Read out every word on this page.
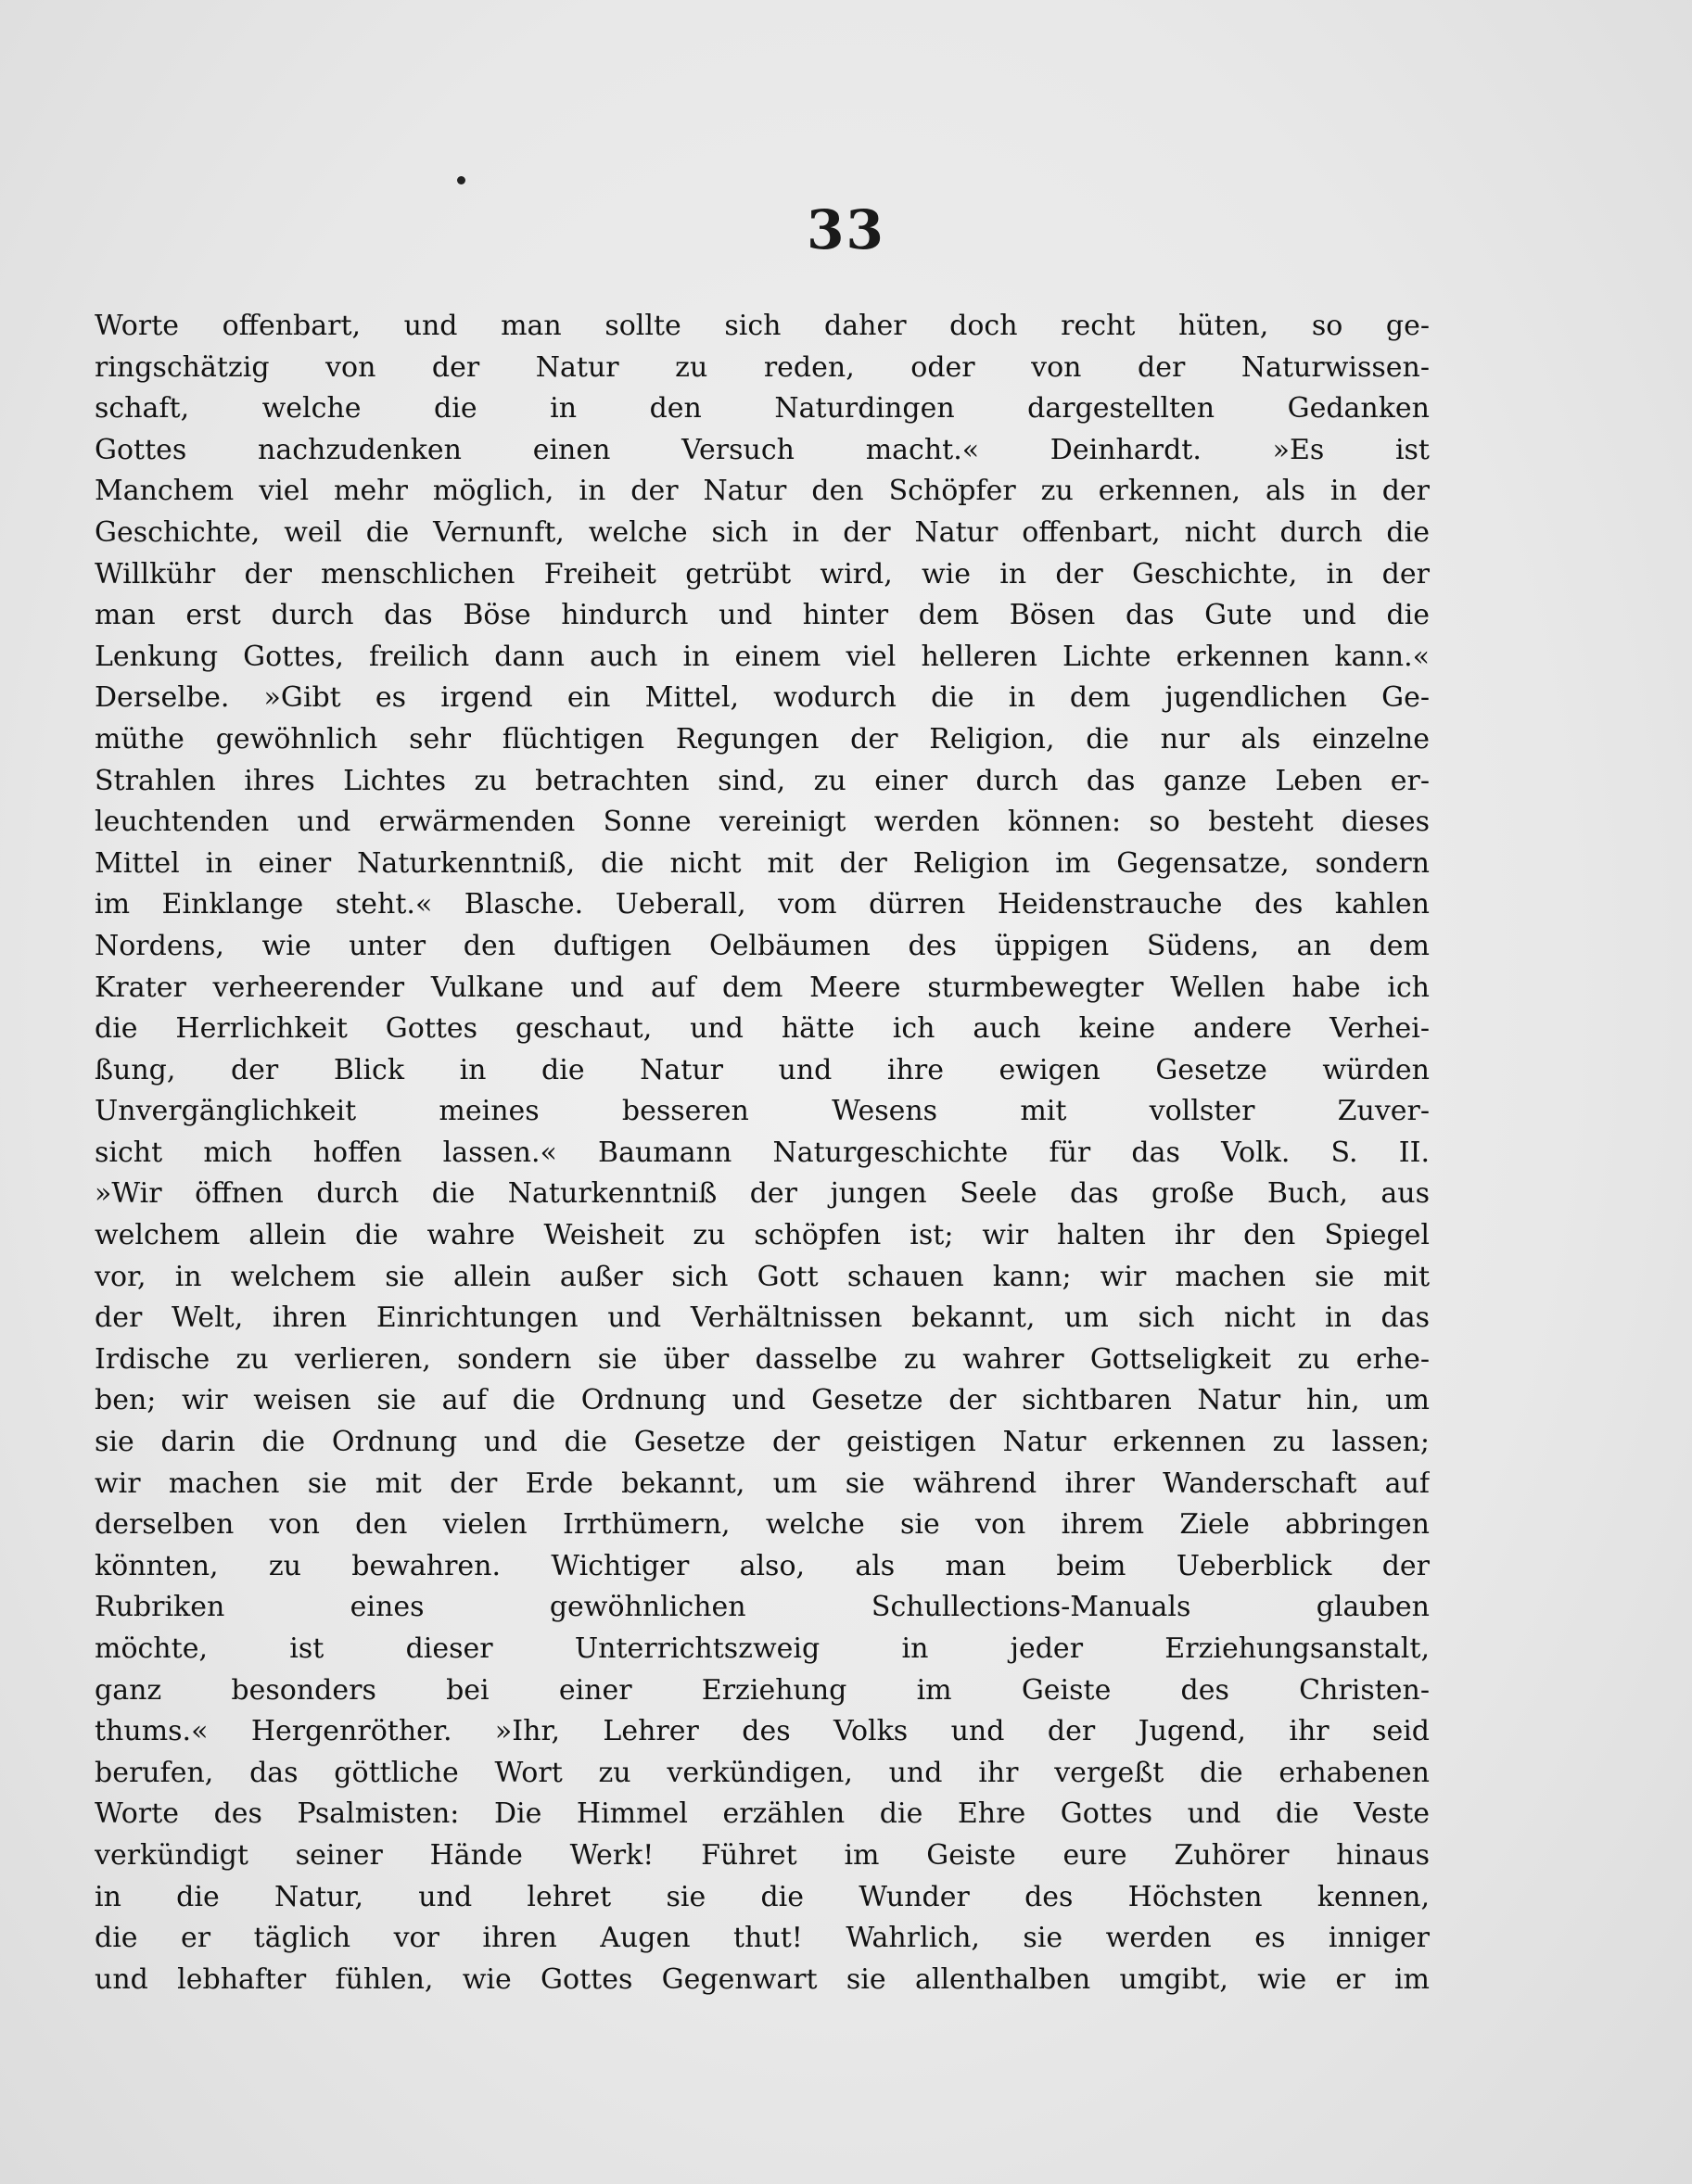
33
Worte offenbart, und man sollte sich daher doch recht hüten, so ge-
ringschätzig von der Natur zu reden, oder von der Naturwissen-
schaft, welche die in den Naturdingen dargestellten Gedanken
Gottes nachzudenken einen Versuch macht.« Deinhardt. »Es ist
Manchem viel mehr möglich, in der Natur den Schöpfer zu erkennen, als in der
Geschichte, weil die Vernunft, welche sich in der Natur offenbart, nicht durch die
Willkühr der menschlichen Freiheit getrübt wird, wie in der Geschichte, in der
man erst durch das Böse hindurch und hinter dem Bösen das Gute und die
Lenkung Gottes, freilich dann auch in einem viel helleren Lichte erkennen kann.«
Derselbe. »Gibt es irgend ein Mittel, wodurch die in dem jugendlichen Ge-
müthe gewöhnlich sehr flüchtigen Regungen der Religion, die nur als einzelne
Strahlen ihres Lichtes zu betrachten sind, zu einer durch das ganze Leben er-
leuchtenden und erwärmenden Sonne vereinigt werden können: so besteht dieses
Mittel in einer Naturkenntniß, die nicht mit der Religion im Gegensatze, sondern
im Einklange steht.« Blasche. Ueberall, vom dürren Heidenstrauche des kahlen
Nordens, wie unter den duftigen Oelbäumen des üppigen Südens, an dem
Krater verheerender Vulkane und auf dem Meere sturmbewegter Wellen habe ich
die Herrlichkeit Gottes geschaut, und hätte ich auch keine andere Verhei-
ßung, der Blick in die Natur und ihre ewigen Gesetze würden
Unvergänglichkeit meines besseren Wesens mit vollster Zuver-
sicht mich hoffen lassen.« Baumann Naturgeschichte für das Volk. S. II.
»Wir öffnen durch die Naturkenntniß der jungen Seele das große Buch, aus
welchem allein die wahre Weisheit zu schöpfen ist; wir halten ihr den Spiegel
vor, in welchem sie allein außer sich Gott schauen kann; wir machen sie mit
der Welt, ihren Einrichtungen und Verhältnissen bekannt, um sich nicht in das
Irdische zu verlieren, sondern sie über dasselbe zu wahrer Gottseligkeit zu erhe-
ben; wir weisen sie auf die Ordnung und Gesetze der sichtbaren Natur hin, um
sie darin die Ordnung und die Gesetze der geistigen Natur erkennen zu lassen;
wir machen sie mit der Erde bekannt, um sie während ihrer Wanderschaft auf
derselben von den vielen Irrthümern, welche sie von ihrem Ziele abbringen
könnten, zu bewahren. Wichtiger also, als man beim Ueberblick der
Rubriken eines gewöhnlichen Schullections-Manuals glauben
möchte, ist dieser Unterrichtszweig in jeder Erziehungsanstalt,
ganz besonders bei einer Erziehung im Geiste des Christen-
thums.« Hergenröther. »Ihr, Lehrer des Volks und der Jugend, ihr seid
berufen, das göttliche Wort zu verkündigen, und ihr vergeßt die erhabenen
Worte des Psalmisten: Die Himmel erzählen die Ehre Gottes und die Veste
verkündigt seiner Hände Werk! Führet im Geiste eure Zuhörer hinaus
in die Natur, und lehret sie die Wunder des Höchsten kennen,
die er täglich vor ihren Augen thut! Wahrlich, sie werden es inniger
und lebhafter fühlen, wie Gottes Gegenwart sie allenthalben umgibt, wie er im
